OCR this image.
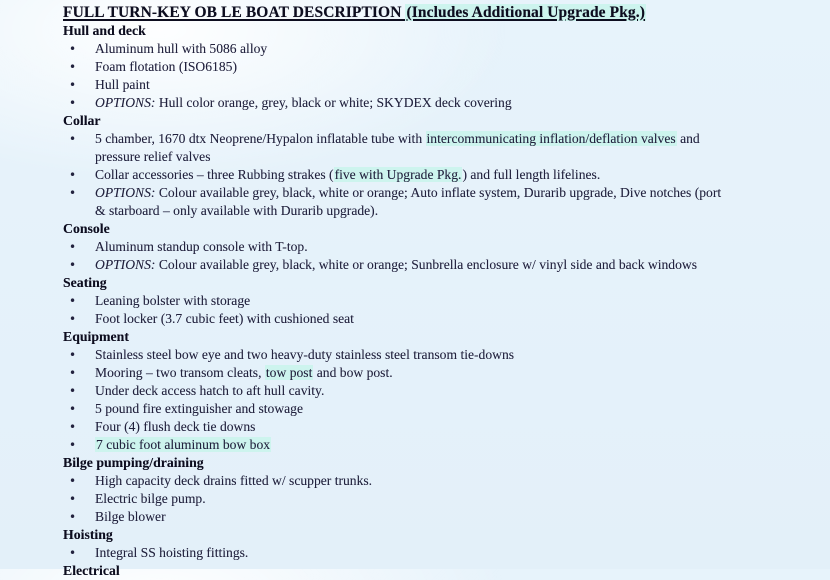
FULL TURN-KEY OB LE BOAT DESCRIPTION (Includes Additional Upgrade Pkg.)
Hull and deck
•	Aluminum hull with 5086 alloy
•	Foam flotation (ISO6185)
•	Hull paint
•	OPTIONS: Hull color orange, grey, black or white; SKYDEX deck covering
Collar
•	5 chamber, 1670 dtx Neoprene/Hypalon inflatable tube with intercommunicating inflation/deflation valves and
pressure relief valves
•	Collar accessories – three Rubbing strakes (five with Upgrade Pkg.) and full length lifelines.
•	OPTIONS: Colour available grey, black, white or orange; Auto inflate system, Durarib upgrade, Dive notches (port
& starboard – only available with Durarib upgrade).
Console
•	Aluminum standup console with T-top.
•	OPTIONS: Colour available grey, black, white or orange; Sunbrella enclosure w/ vinyl side and back windows
Seating
•	Leaning bolster with storage
•	Foot locker (3.7 cubic feet) with cushioned seat
Equipment
•	Stainless steel bow eye and two heavy-duty stainless steel transom tie-downs
•	Mooring – two transom cleats, tow post and bow post.
•	Under deck access hatch to aft hull cavity.
•	5 pound fire extinguisher and stowage
•	Four (4) flush deck tie downs
•	7 cubic foot aluminum bow box
Bilge pumping/draining
•	High capacity deck drains fitted w/ scupper trunks.
•	Electric bilge pump.
•	Bilge blower
Hoisting
•	Integral SS hoisting fittings.
Electrical
